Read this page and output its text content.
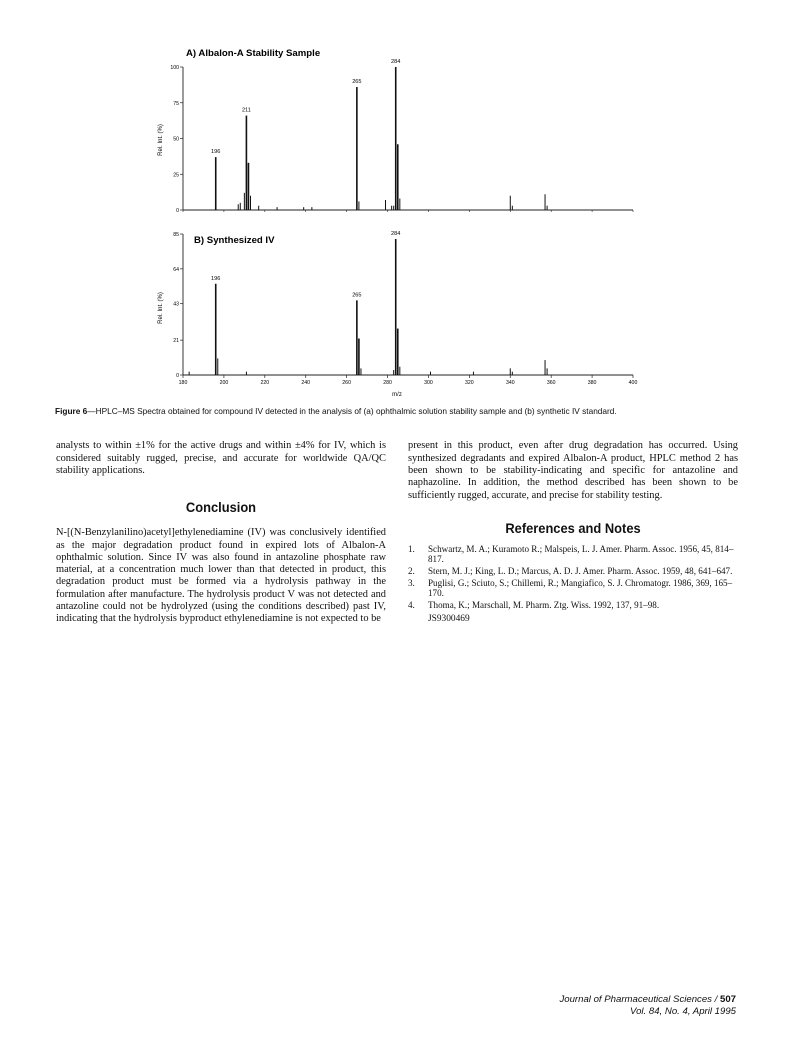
A) Albalon-A Stability Sample
Rel. Int. (%)
0
25
50
75
100
196
211
265
284
B) Synthesized IV
Rel. Int. (%)
0
21
43
64
85
180	200	220	240	260	280	300	320	340	360	380	400
196
265
284
m/z
Figure 6—HPLC–MS Spectra obtained for compound IV detected in the analysis of (a) ophthalmic solution stability sample and (b) synthetic IV standard.

analysts to within ±1% for the active drugs and within ±4% for IV, which is considered suitably rugged, precise, and accurate for worldwide QA/QC stability applications.

Conclusion

N-[(N-Benzylanilino)acetyl]ethylenediamine (IV) was conclusively identified as the major degradation product found in expired lots of Albalon-A ophthalmic solution. Since IV was also found in antazoline phosphate raw material, at a concentration much lower than that detected in product, this degradation product must be formed via a hydrolysis pathway in the formulation after manufacture. The hydrolysis product V was not detected and antazoline could not be hydrolyzed (using the conditions described) past IV, indicating that the hydrolysis byproduct ethylenediamine is not expected to be

present in this product, even after drug degradation has occurred. Using synthesized degradants and expired Albalon-A product, HPLC method 2 has been shown to be stability-indicating and specific for antazoline and naphazoline. In addition, the method described has been shown to be sufficiently rugged, accurate, and precise for stability testing.

References and Notes
1. Schwartz, M. A.; Kuramoto R.; Malspeis, L. J. Amer. Pharm. Assoc. 1956, 45, 814–817.
2. Stern, M. J.; King, L. D.; Marcus, A. D. J. Amer. Pharm. Assoc. 1959, 48, 641–647.
3. Puglisi, G.; Sciuto, S.; Chillemi, R.; Mangiafico, S. J. Chromatogr. 1986, 369, 165–170.
4. Thoma, K.; Marschall, M. Pharm. Ztg. Wiss. 1992, 137, 91–98.
JS9300469
Journal of Pharmaceutical Sciences / 507
Vol. 84, No. 4, April 1995
